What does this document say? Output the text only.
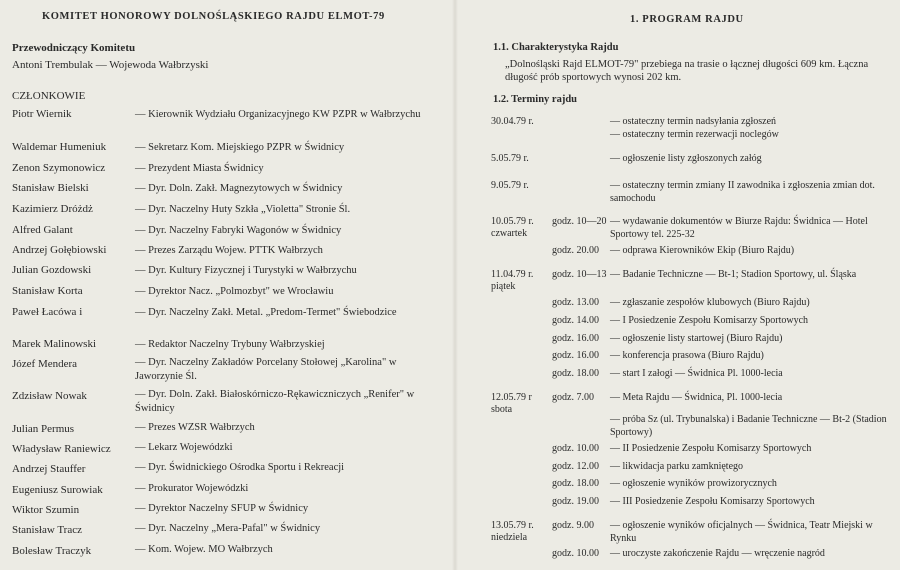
KOMITET HONOROWY DOLNOŚLĄSKIEGO RAJDU ELMOT-79
Przewodniczący Komitetu
Antoni Trembulak — Wojewoda Wałbrzyski
CZŁONKOWIE
Piotr Wiernik	— Kierownik Wydziału Organizacyjnego KW PZPR w Wałbrzychu
Waldemar Humeniuk	— Sekretarz Kom. Miejskiego PZPR w Świdnicy
Zenon Szymonowicz	— Prezydent Miasta Świdnicy
Stanisław Bielski	— Dyr. Doln. Zakł. Magnezytowych w Świdnicy
Kazimierz Dróżdż	— Dyr. Naczelny Huty Szkła „Violetta" Stronie Śl.
Alfred Galant	— Dyr. Naczelny Fabryki Wagonów w Świdnicy
Andrzej Gołębiowski	— Prezes Zarządu Wojew. PTTK Wałbrzych
Julian Gozdowski	— Dyr. Kultury Fizycznej i Turystyki w Wałbrzychu
Stanisław Korta	— Dyrektor Nacz. „Polmozbyt" we Wrocławiu
Paweł Łacówa i	— Dyr. Naczelny Zakł. Metal. „Predom-Termet" Świebodzice
Marek Malinowski	— Redaktor Naczelny Trybuny Wałbrzyskiej
Józef Mendera	— Dyr. Naczelny Zakładów Porcelany Stołowej „Karolina" w Jaworzynie Śl.
Zdzisław Nowak	— Dyr. Doln. Zakł. Białoskórniczo-Rękawiczniczych „Renifer" w Świdnicy
Julian Permus	— Prezes WZSR Wałbrzych
Władysław Raniewicz — Lekarz Wojewódzki
Andrzej Stauffer	— Dyr. Świdnickiego Ośrodka Sportu i Rekreacji
Eugeniusz Surowiak	— Prokurator Wojewódzki
Wiktor Szumin	— Dyrektor Naczelny SFUP w Świdnicy
Stanisław Tracz	— Dyr. Naczelny „Mera-Pafal" w Świdnicy
Bolesław Traczyk	— Kom. Wojew. MO Wałbrzych
1. PROGRAM RAJDU
1.1. Charakterystyka Rajdu
„Dolnośląski Rajd ELMOT-79" przebiega na trasie o łącznej długości 609 km. Łączna długość prób sportowych wynosi 202 km.
1.2. Terminy rajdu
30.04.79 r.	— ostateczny termin nadsyłania zgłoszeń
— ostateczny termin rezerwacji noclegów
5.05.79 r.	— ogłoszenie listy zgłoszonych załóg
9.05.79 r.	— ostateczny termin zmiany II zawodnika i zgłoszenia zmian dot. samochodu
10.05.79 r.
czwartek
godz. 10—20 — wydawanie dokumentów w Biurze Rajdu: Świdnica — Hotel Sportowy tel. 225-32
godz. 20.00 — odprawa Kierowników Ekip (Biuro Rajdu)
11.04.79 r.
piątek
godz. 10—13 — Badanie Techniczne — Bt-1; Stadion Sportowy, ul. Śląska
godz. 13.00 — zgłaszanie zespołów klubowych (Biuro Rajdu)
godz. 14.00 — I Posiedzenie Zespołu Komisarzy Sportowych
godz. 16.00 — ogłoszenie listy startowej (Biuro Rajdu)
godz. 16.00 — konferencja prasowa (Biuro Rajdu)
godz. 18.00 — start I załogi — Świdnica Pl. 1000-lecia
12.05.79 r
sbota
godz. 7.00 — Meta Rajdu — Świdnica, Pl. 1000-lecia
— próba Sz (ul. Trybunalska) i Badanie Techniczne — Bt-2 (Stadion Sportowy)
godz. 10.00 — II Posiedzenie Zespołu Komisarzy Sportowych
godz. 12.00 — likwidacja parku zamkniętego
godz. 18.00 — ogłoszenie wyników prowizorycznych
godz. 19.00 — III Posiedzenie Zespołu Komisarzy Sportowych
13.05.79 r.
niedziela
godz. 9.00 — ogłoszenie wyników oficjalnych — Świdnica, Teatr Miejski w Rynku
godz. 10.00 — uroczyste zakończenie Rajdu — wręczenie nagród
